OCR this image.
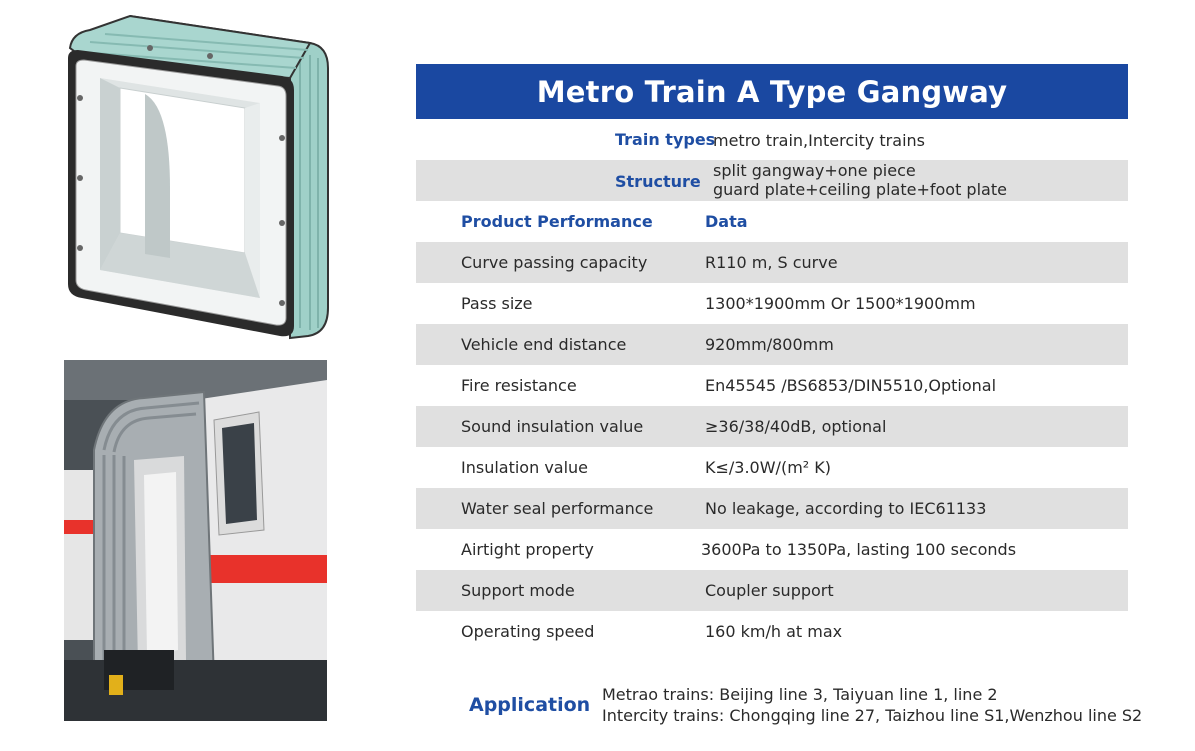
Metro Train A Type Gangway
Train types
metro train,Intercity trains
Structure
split gangway+one piece
guard plate+ceiling plate+foot plate
Product Performance	Data
Curve passing capacity	R110 m, S curve
Pass size	1300*1900mm Or 1500*1900mm
Vehicle end distance	920mm/800mm
Fire resistance	En45545 /BS6853/DIN5510,Optional
Sound insulation value	≥36/38/40dB, optional
Insulation value	K≤/3.0W/(m² K)
Water seal performance	No leakage, according to IEC61133
Airtight property	3600Pa to 1350Pa, lasting 100 seconds
Support mode	Coupler support
Operating speed	160 km/h at max
Application Metrao trains: Beijing line 3, Taiyuan line 1, line 2
Intercity trains: Chongqing line 27, Taizhou line S1,Wenzhou line S2
